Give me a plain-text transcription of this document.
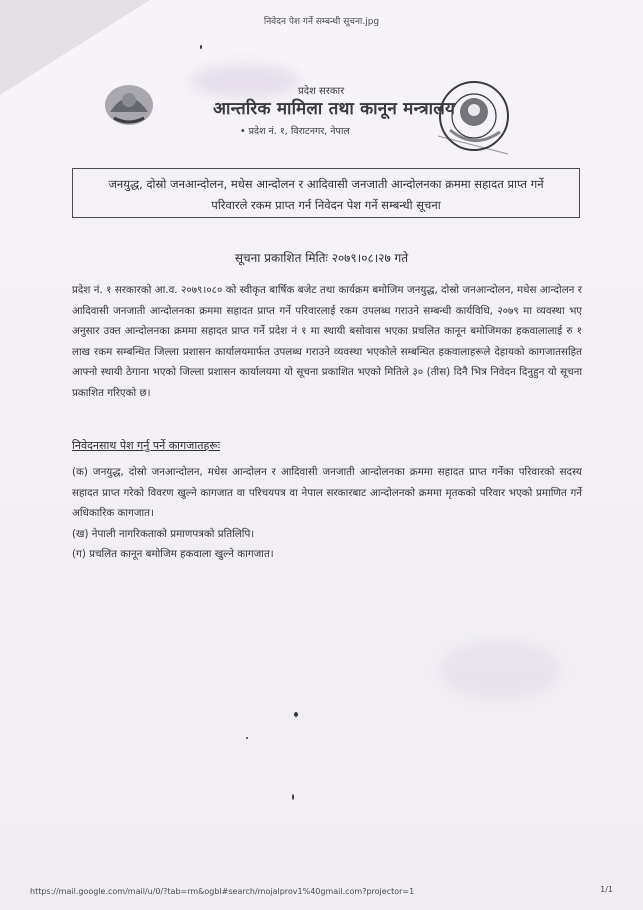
निवेदन पेश गर्ने सम्बन्धी सूचना.jpg
प्रदेश सरकार
आन्तरिक मामिला तथा कानून मन्त्रालय
• प्रदेश नं. १, विराटनगर, नेपाल
जनयुद्ध, दोस्रो जनआन्दोलन, मधेस आन्दोलन र आदिवासी जनजाती आन्दोलनका क्रममा सहादत प्राप्त गर्ने
परिवारले रकम प्राप्त गर्न निवेदन पेश गर्ने सम्बन्धी सूचना
सूचना प्रकाशित मितिः २०७९।०८।२७ गते
प्रदेश नं. १ सरकारको आ.व. २०७९।०८० को स्वीकृत बार्षिक बजेट तथा कार्यक्रम बमोजिम जनयुद्ध, दोस्रो जनआन्दोलन, मधेस आन्दोलन र आदिवासी जनजाती आन्दोलनका क्रममा सहादत प्राप्त गर्ने परिवारलाई रकम उपलब्ध गराउने सम्बन्धी कार्यविधि, २०७९ मा व्यवस्था भए अनुसार उक्त आन्दोलनका क्रममा सहादत प्राप्त गर्ने प्रदेश नं १ मा स्थायी बसोवास भएका प्रचलित कानून बमोजिमका हकवालालाई रु १ लाख रकम सम्बन्धित जिल्ला प्रशासन कार्यालयमार्फत उपलब्ध गराउने व्यवस्था भएकोले सम्बन्धित हकवालाहरूले देहायको कागजातसहित आफ्नो स्थायी ठेगाना भएको जिल्ला प्रशासन कार्यालयमा यो सूचना प्रकाशित भएको मितिले ३० (तीस) दिनै भित्र निवेदन दिनुहुन यो सूचना प्रकाशित गरिएको छ।
निवेदनसाथ पेश गर्नु पर्ने कागजातहरूः

(क) जनयुद्ध, दोस्रो जनआन्दोलन, मधेस आन्दोलन र आदिवासी जनजाती आन्दोलनका क्रममा सहादत प्राप्त गर्नेका परिवारको सदस्य सहादत प्राप्त गरेको विवरण खुल्ने कागजात वा परिचयपत्र वा नेपाल सरकारबाट आन्दोलनको क्रममा मृतकको परिवार भएको प्रमाणित गर्ने अधिकारिक कागजात।

(ख) नेपाली नागरिकताको प्रमाणपत्रको प्रतिलिपि।

(ग) प्रचलित कानून बमोजिम हकवाला खुल्ने कागजात।

https://mail.google.com/mail/u/0/?tab=rm&ogbl#search/mojalprov1%40gmail.com?projector=1	1/1
